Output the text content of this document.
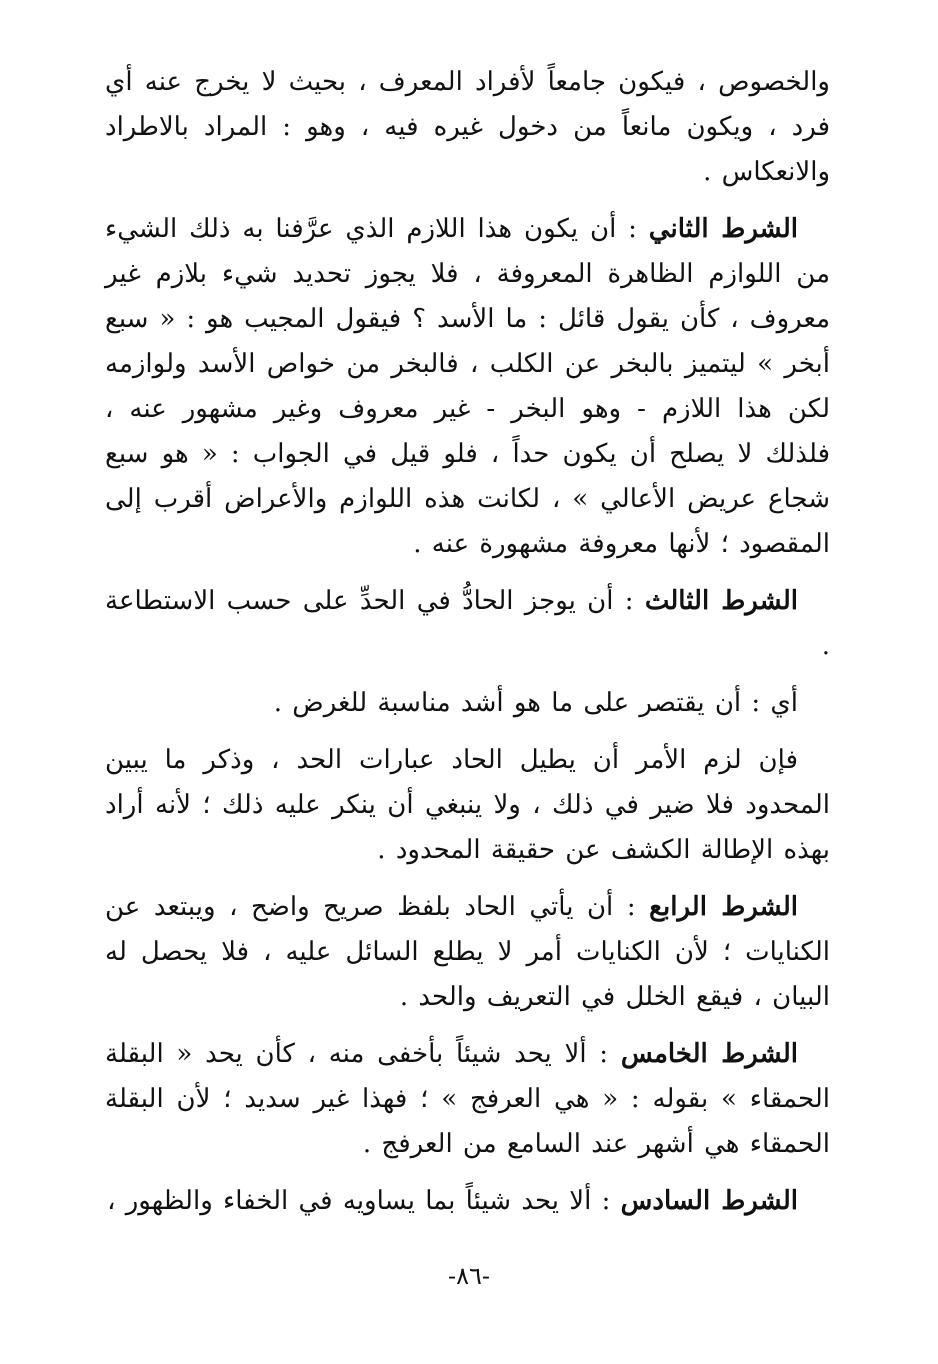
والخصوص ، فيكون جامعاً لأفراد المعرف ، بحيث لا يخرج عنه أي فرد ، ويكون مانعاً من دخول غيره فيه ، وهو : المراد بالاطراد والانعكاس .

الشرط الثاني : أن يكون هذا اللازم الذي عرَّفنا به ذلك الشيء من اللوازم الظاهرة المعروفة ، فلا يجوز تحديد شيء بلازم غير معروف ، كأن يقول قائل : ما الأسد ؟ فيقول المجيب هو : « سبع أبخر » ليتميز بالبخر عن الكلب ، فالبخر من خواص الأسد ولوازمه لكن هذا اللازم - وهو البخر - غير معروف وغير مشهور عنه ، فلذلك لا يصلح أن يكون حداً ، فلو قيل في الجواب : « هو سبع شجاع عريض الأعالي » ، لكانت هذه اللوازم والأعراض أقرب إلى المقصود ؛ لأنها معروفة مشهورة عنه .

الشرط الثالث : أن يوجز الحادُّ في الحدِّ على حسب الاستطاعة .

أي : أن يقتصر على ما هو أشد مناسبة للغرض .

فإن لزم الأمر أن يطيل الحاد عبارات الحد ، وذكر ما يبين المحدود فلا ضير في ذلك ، ولا ينبغي أن ينكر عليه ذلك ؛ لأنه أراد بهذه الإطالة الكشف عن حقيقة المحدود .

الشرط الرابع : أن يأتي الحاد بلفظ صريح واضح ، ويبتعد عن الكنايات ؛ لأن الكنايات أمر لا يطلع السائل عليه ، فلا يحصل له البيان ، فيقع الخلل في التعريف والحد .

الشرط الخامس : ألا يحد شيئاً بأخفى منه ، كأن يحد « البقلة الحمقاء » بقوله : « هي العرفج » ؛ فهذا غير سديد ؛ لأن البقلة الحمقاء هي أشهر عند السامع من العرفج .

الشرط السادس : ألا يحد شيئاً بما يساويه في الخفاء والظهور ،

-٨٦-
